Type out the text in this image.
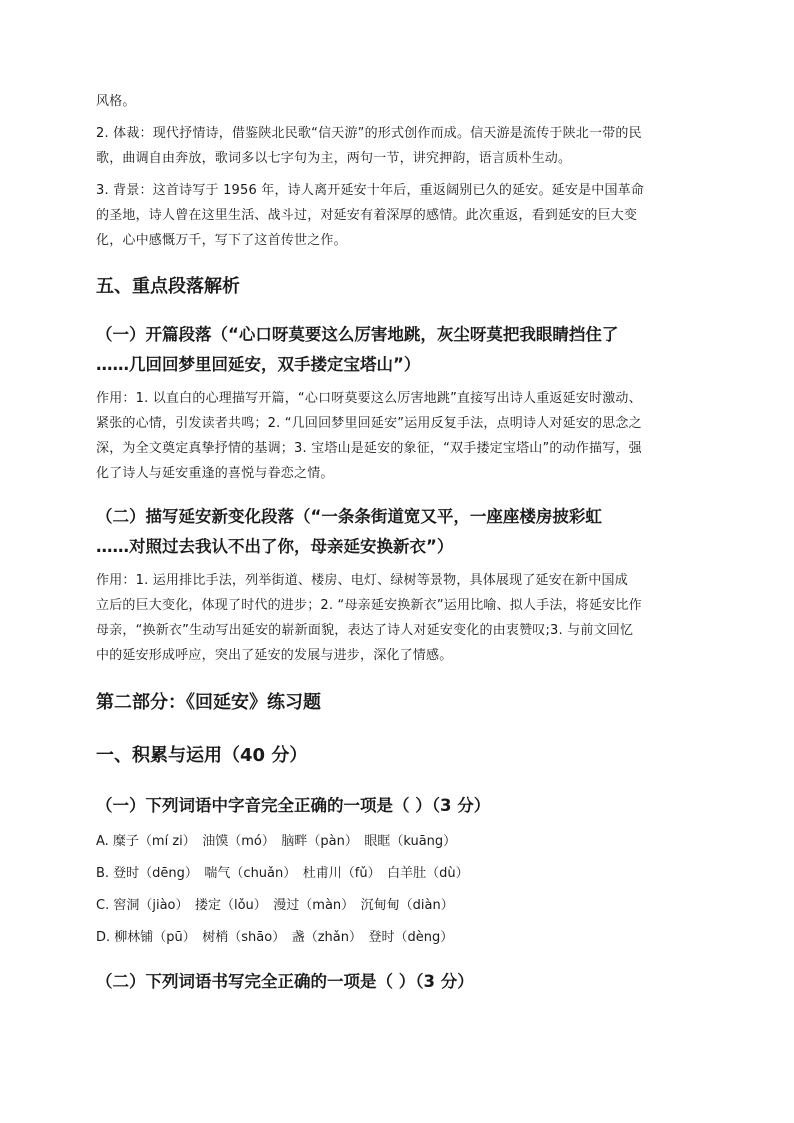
风格。
2. 体裁：现代抒情诗，借鉴陕北民歌“信天游”的形式创作而成。信天游是流传于陕北一带的民
歌，曲调自由奔放，歌词多以七字句为主，两句一节，讲究押韵，语言质朴生动。
3. 背景：这首诗写于 1956 年，诗人离开延安十年后，重返阔别已久的延安。延安是中国革命
的圣地，诗人曾在这里生活、战斗过，对延安有着深厚的感情。此次重返，看到延安的巨大变
化，心中感慨万千，写下了这首传世之作。
五、重点段落解析
（一）开篇段落（“心口呀莫要这么厉害地跳，灰尘呀莫把我眼睛挡住了
……几回回梦里回延安，双手搂定宝塔山”）
作用：1. 以直白的心理描写开篇，“心口呀莫要这么厉害地跳”直接写出诗人重返延安时激动、
紧张的心情，引发读者共鸣；2. “几回回梦里回延安”运用反复手法，点明诗人对延安的思念之
深，为全文奠定真挚抒情的基调；3. 宝塔山是延安的象征，“双手搂定宝塔山”的动作描写，强
化了诗人与延安重逢的喜悦与眷恋之情。
（二）描写延安新变化段落（“一条条街道宽又平，一座座楼房披彩虹
……对照过去我认不出了你，母亲延安换新衣”）
作用：1. 运用排比手法，列举街道、楼房、电灯、绿树等景物，具体展现了延安在新中国成
立后的巨大变化，体现了时代的进步；2. “母亲延安换新衣”运用比喻、拟人手法，将延安比作
母亲，“换新衣”生动写出延安的崭新面貌，表达了诗人对延安变化的由衷赞叹;3. 与前文回忆
中的延安形成呼应，突出了延安的发展与进步，深化了情感。
第二部分：《回延安》练习题
一、积累与运用（40 分）
（一）下列词语中字音完全正确的一项是（ ）（3 分）
A. 糜子（mí zi）　油馍（mó）　脑畔（pàn）　眼眶（kuāng）
B. 登时（dēng）　喘气（chuǎn）　杜甫川（fǔ）　白羊肚（dù）
C. 窖洞（jiào）　搂定（lǒu）　漫过（màn）　沉甸甸（diàn）
D. 柳林铺（pū）　树梢（shāo）　盏（zhǎn）　登时（dèng）
（二）下列词语书写完全正确的一项是（ ）（3 分）
